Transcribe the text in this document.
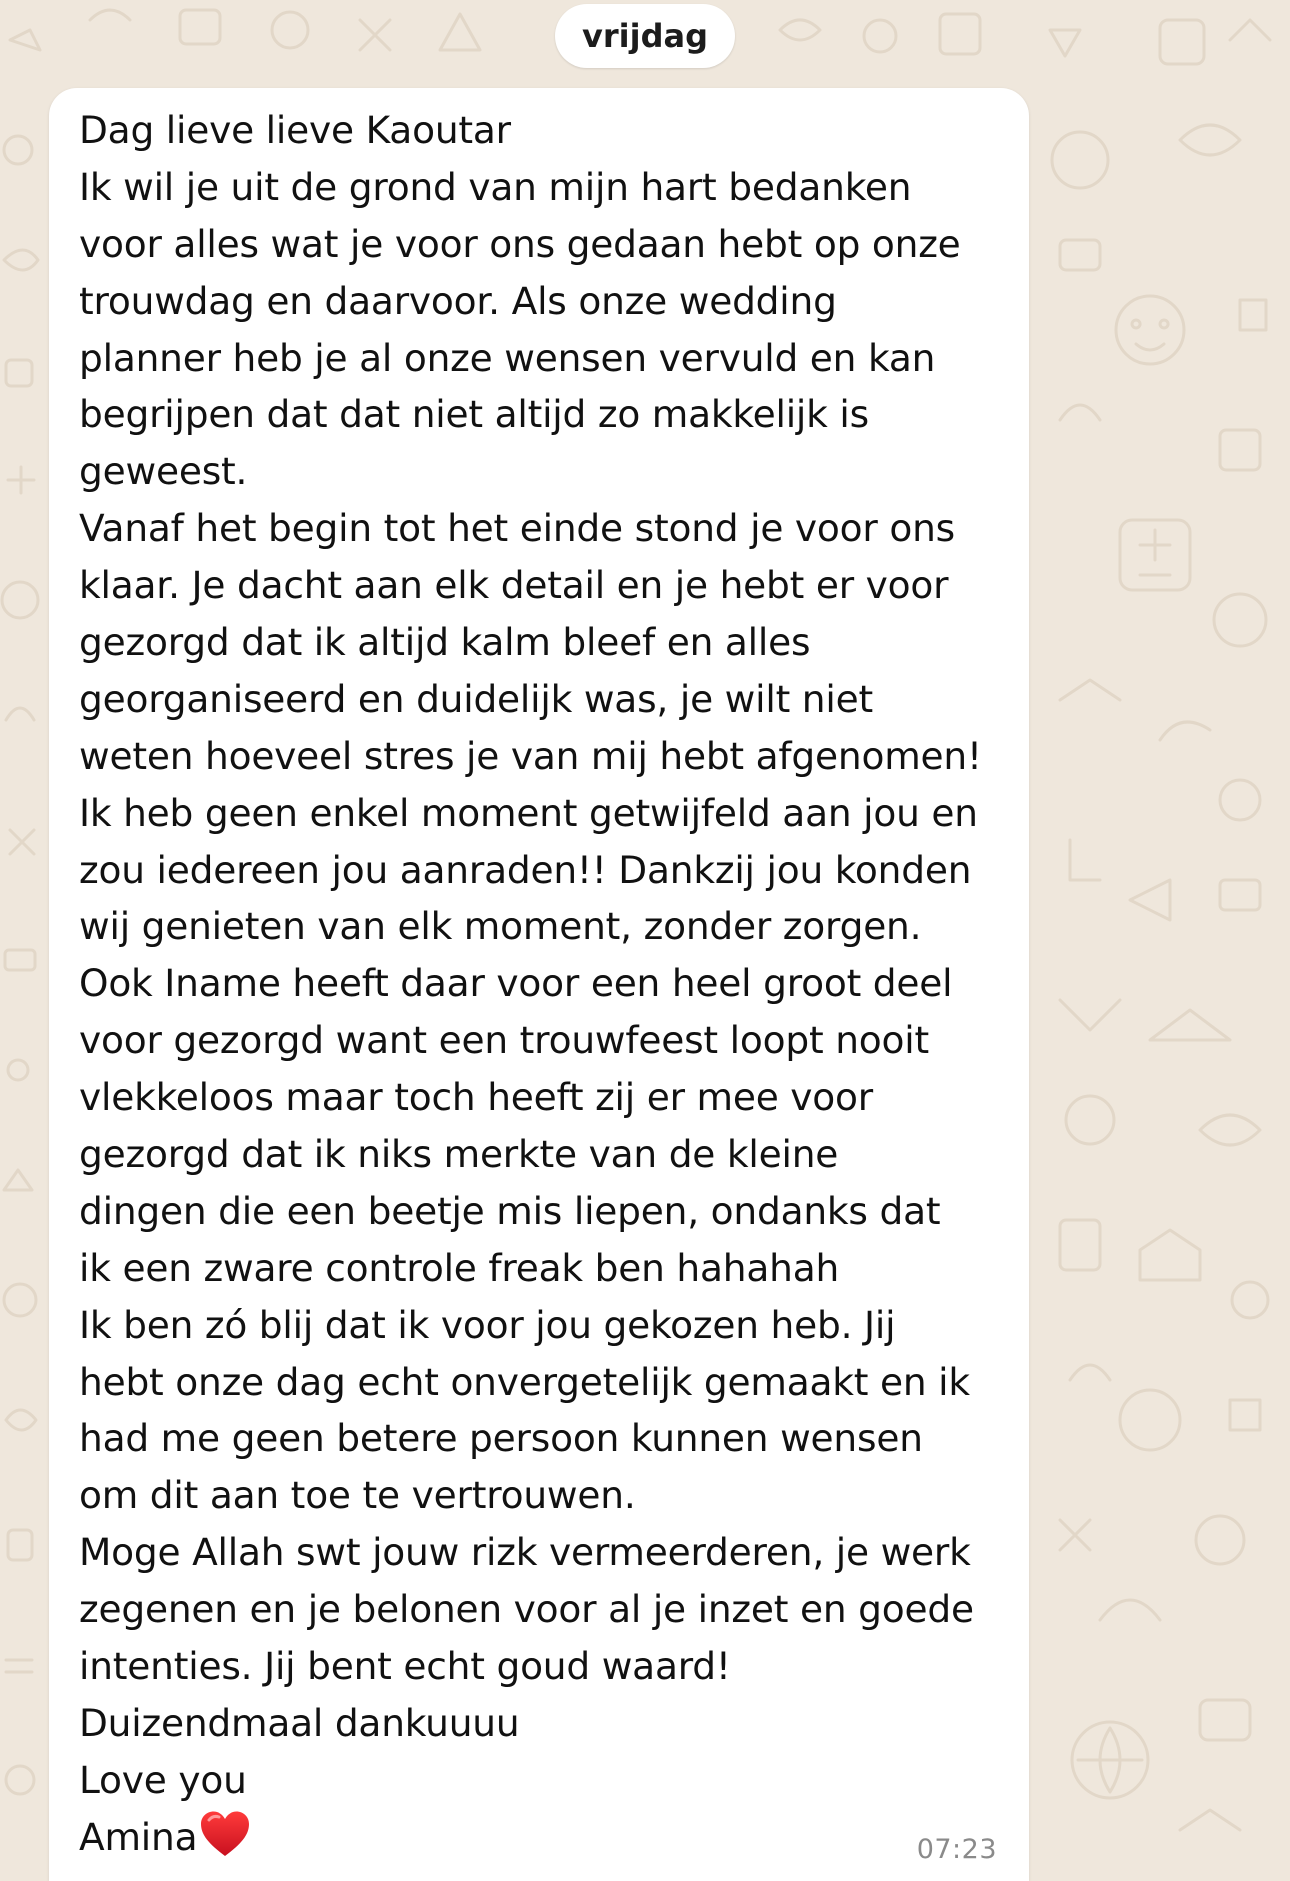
vrijdag
Dag lieve lieve Kaoutar
Ik wil je uit de grond van mijn hart bedanken
voor alles wat je voor ons gedaan hebt op onze
trouwdag en daarvoor. Als onze wedding
planner heb je al onze wensen vervuld en kan
begrijpen dat dat niet altijd zo makkelijk is
geweest.
Vanaf het begin tot het einde stond je voor ons
klaar. Je dacht aan elk detail en je hebt er voor
gezorgd dat ik altijd kalm bleef en alles
georganiseerd en duidelijk was, je wilt niet
weten hoeveel stres je van mij hebt afgenomen!
Ik heb geen enkel moment getwijfeld aan jou en
zou iedereen jou aanraden!! Dankzij jou konden
wij genieten van elk moment, zonder zorgen.
Ook Iname heeft daar voor een heel groot deel
voor gezorgd want een trouwfeest loopt nooit
vlekkeloos maar toch heeft zij er mee voor
gezorgd dat ik niks merkte van de kleine
dingen die een beetje mis liepen, ondanks dat
ik een zware controle freak ben hahahah
Ik ben zó blij dat ik voor jou gekozen heb. Jij
hebt onze dag echt onvergetelijk gemaakt en ik
had me geen betere persoon kunnen wensen
om dit aan toe te vertrouwen.
Moge Allah swt jouw rizk vermeerderen, je werk
zegenen en je belonen voor al je inzet en goede
intenties. Jij bent echt goud waard!
Duizendmaal dankuuuu
Love you
Amina	07:23
